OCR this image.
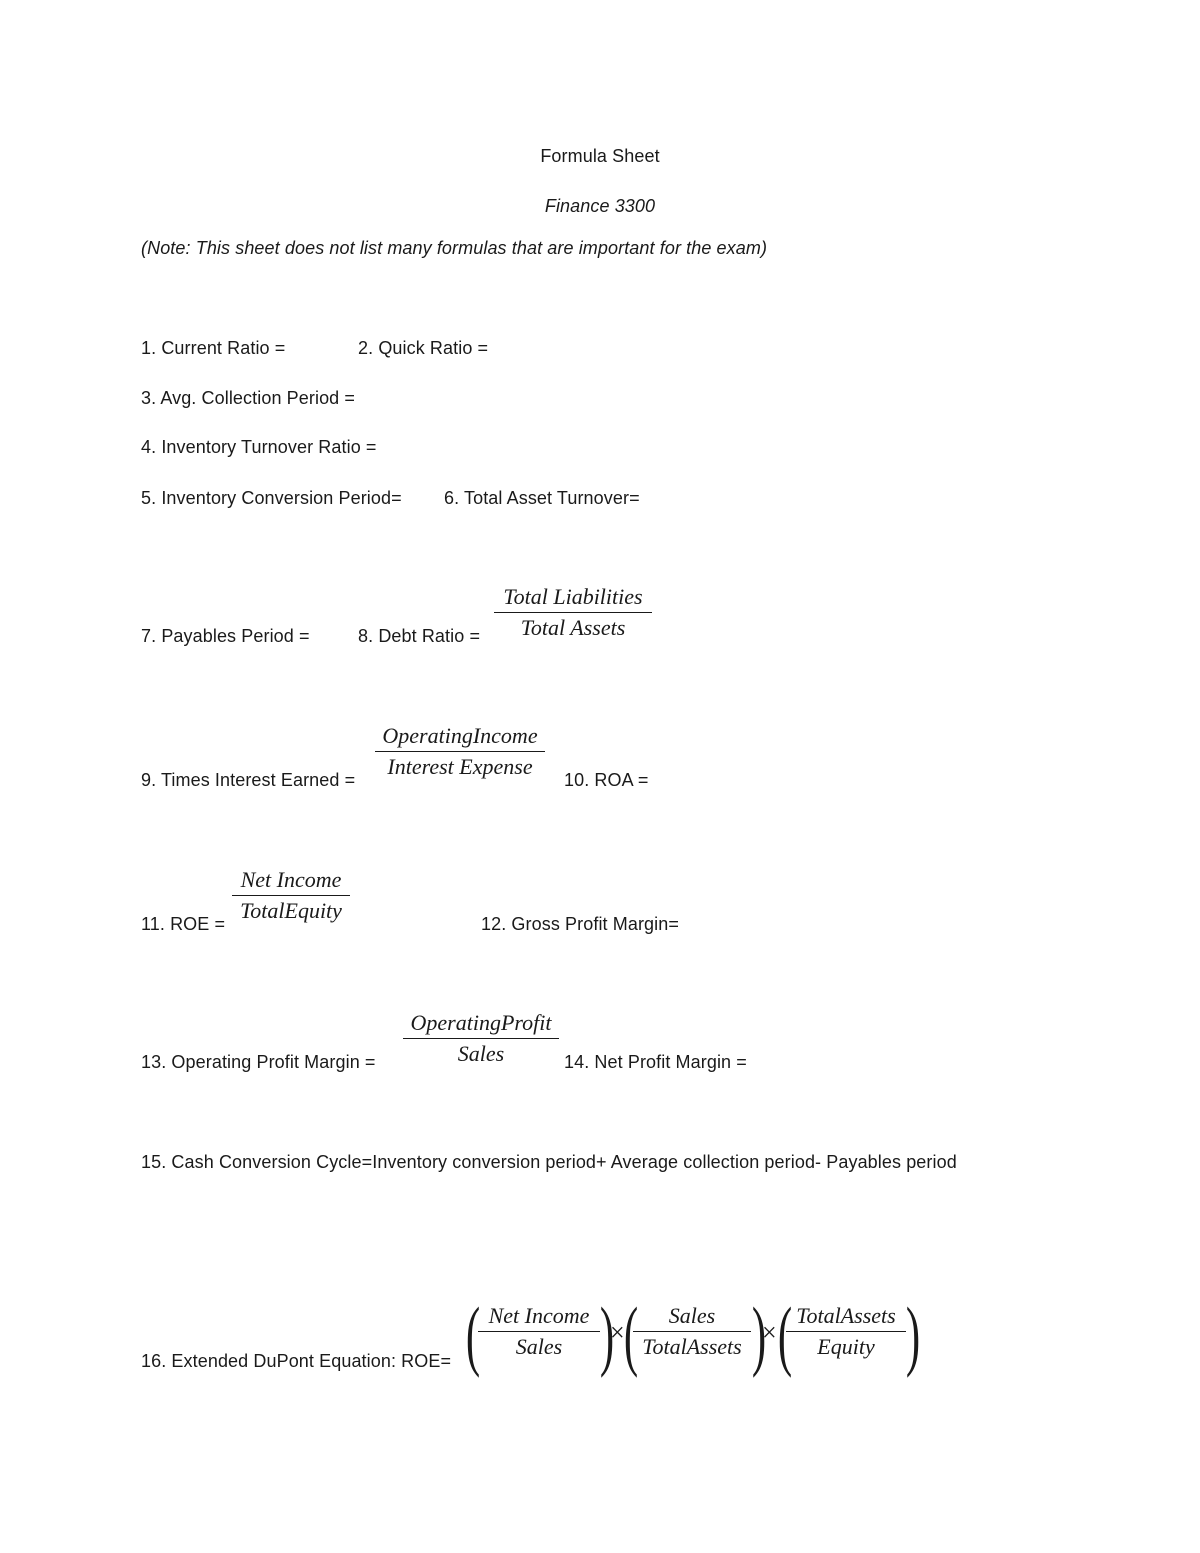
Formula Sheet
Finance 3300
(Note: This sheet does not list many formulas that are important for the exam)
1. Current Ratio =	2. Quick Ratio =
3. Avg. Collection Period =
4. Inventory Turnover Ratio =
5. Inventory Conversion Period= 6. Total Asset Turnover=
7. Payables Period =	8. Debt Ratio =
Total Liabilities
Total Assets
9. Times Interest Earned =
OperatingIncome
Interest Expense
10. ROA =
11. ROE =
Net Income
TotalEquity
12. Gross Profit Margin=
13. Operating Profit Margin =
OperatingProfit
Sales	14. Net Profit Margin =
15. Cash Conversion Cycle=Inventory conversion period+ Average collection period- Payables period
16. Extended DuPont Equation: ROE= ( Net Income
Sales )
× ( Sales
TotalAssets )
× ( TotalAssets
Equity )
